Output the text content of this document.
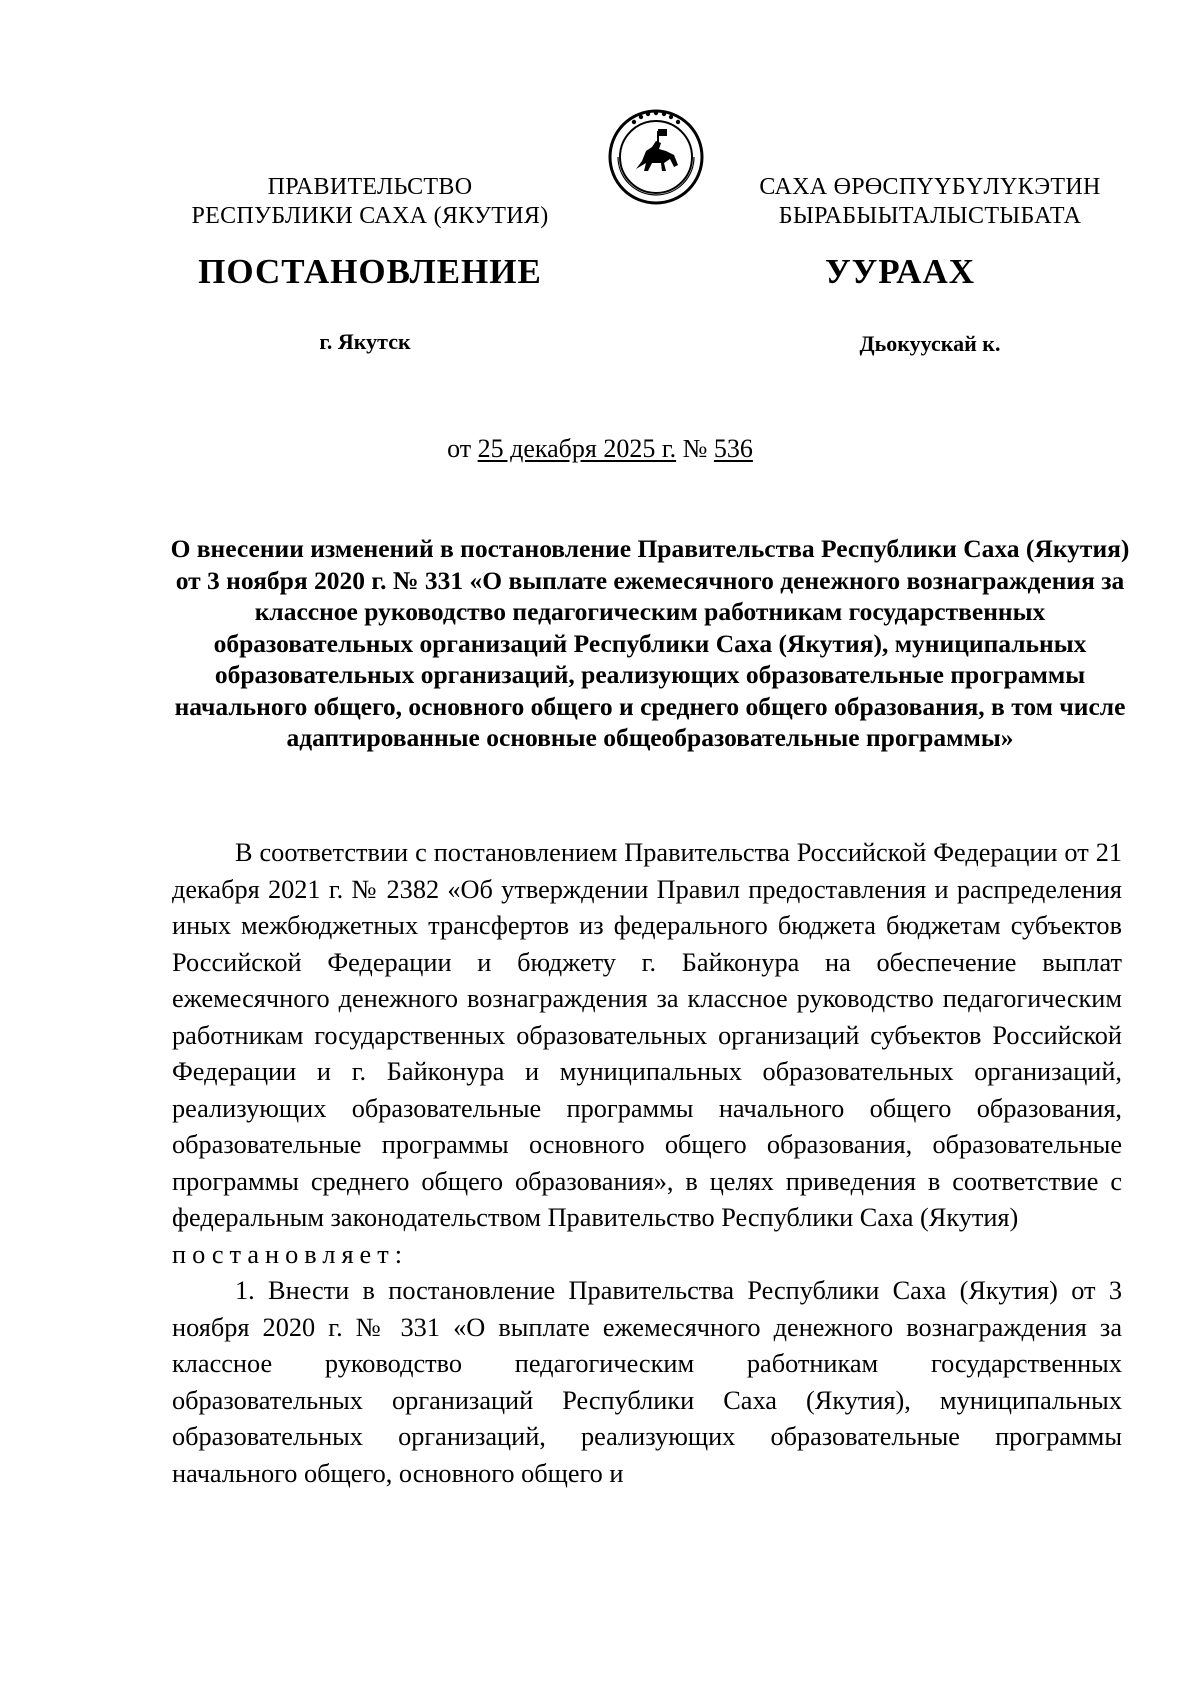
ПРАВИТЕЛЬСТВО
РЕСПУБЛИКИ САХА (ЯКУТИЯ)
САХА ӨРӨСПҮҮБҮЛҮКЭТИН
БЫРАБЫЫТАЛЫСТЫБАТА
ПОСТАНОВЛЕНИЕ	УУРААХ
г. Якутск	Дьокуускай к.
от 25 декабря 2025 г. № 536
О внесении изменений в постановление Правительства Республики Саха (Якутия) от 3 ноября 2020 г. № 331 «О выплате ежемесячного денежного вознаграждения за классное руководство педагогическим работникам государственных образовательных организаций Республики Саха (Якутия), муниципальных образовательных организаций, реализующих образовательные программы начального общего, основного общего и среднего общего образования, в том числе адаптированные основные общеобразовательные программы»

В соответствии с постановлением Правительства Российской Федерации от 21 декабря 2021 г. № 2382 «Об утверждении Правил предоставления и распределения иных межбюджетных трансфертов из федерального бюджета бюджетам субъектов Российской Федерации и бюджету г. Байконура на обеспечение выплат ежемесячного денежного вознаграждения за классное руководство педагогическим работникам государственных образовательных организаций субъектов Российской Федерации и г. Байконура и муниципальных образовательных организаций, реализующих образовательные программы начального общего образования, образовательные программы основного общего образования, образовательные программы среднего общего образования», в целях приведения в соответствие с федеральным законодательством Правительство Республики Саха (Якутия)

постановляет:

1. Внести в постановление Правительства Республики Саха (Якутия) от 3 ноября 2020 г. № 331 «О выплате ежемесячного денежного вознаграждения за классное руководство педагогическим работникам государственных образовательных организаций Республики Саха (Якутия), муниципальных образовательных организаций, реализующих образовательные программы начального общего, основного общего и
